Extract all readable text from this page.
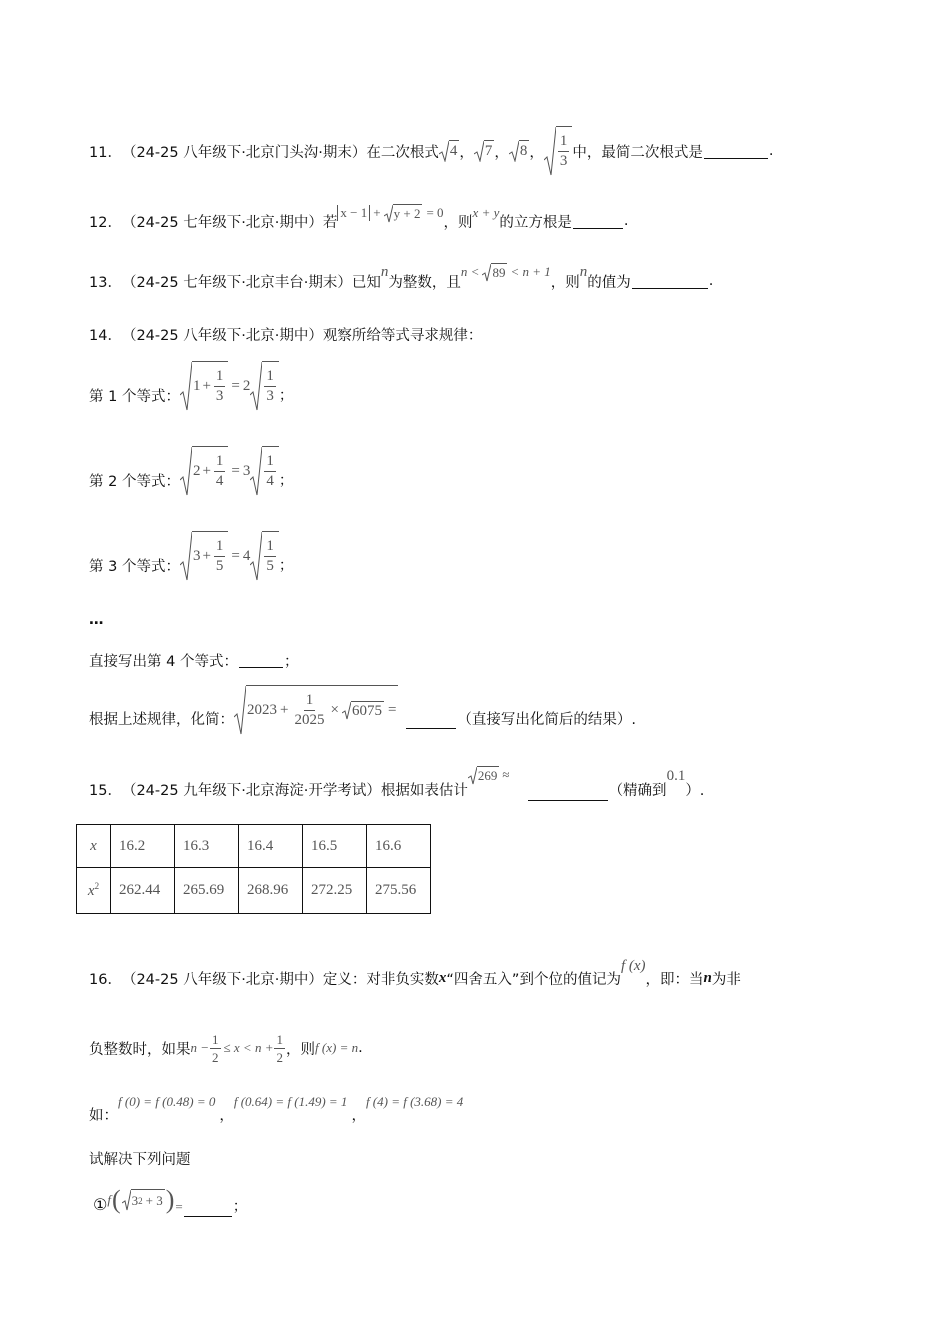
11． （24-25 八年级下·北京门头沟·期末） 在二次根式 4 ， 7 ， 8 ， $\frac{1}{3}$ 中，最简二次根式是	.
12． （24-25 七年级下·北京·期中） 若
x − 1 + y + 2 = 0
，则
x + y
的立方根是	.
13． （24-25 七年级下·北京丰台·期末） 已知
n
为整数，且
n < 89 < n + 1
，则
n
的值为	.
14． （24-25 八年级下·北京·期中） 观察所给等式寻求规律：
第 1 个等式：
$1 + \frac{1}{3} = 2 \frac{1}{3}$ ；
第 2 个等式：
$2 + \frac{1}{4} = 3 \frac{1}{4}$ ；
第 3 个等式：
$3 + \frac{1}{5} = 4 \frac{1}{5}$ ；
…
直接写出第 4 个等式：	；
根据上述规律，化简：
$2023 + \frac{1}{2025} \times 6075$ =
（直接写出化简后的结果）.
15． （24-25 九年级下·北京海淀·开学考试） 根据如表估计
269 ≈
（精确到
0.1
）.
x	16.2	16.3	16.4	16.5	16.6
$x^2$	262.44	265.69	268.96	272.25	275.56
16． （24-25 八年级下·北京·期中） 定义：对非负实数 x “四舍五入”到个位的值记为
f (x)
，即：当 n 为非
负整数时，如果 $n - \frac{1}{2} \le x < n + \frac{1}{2}$ ，则 f (x) = n .
如：
f (0) = f (0.48) = 0
，
f (0.64) = f (1.49) = 1
，
f (4) = f (3.68) = 4
试解决下列问题
① f ( 3 2 + 3 ) =	；
